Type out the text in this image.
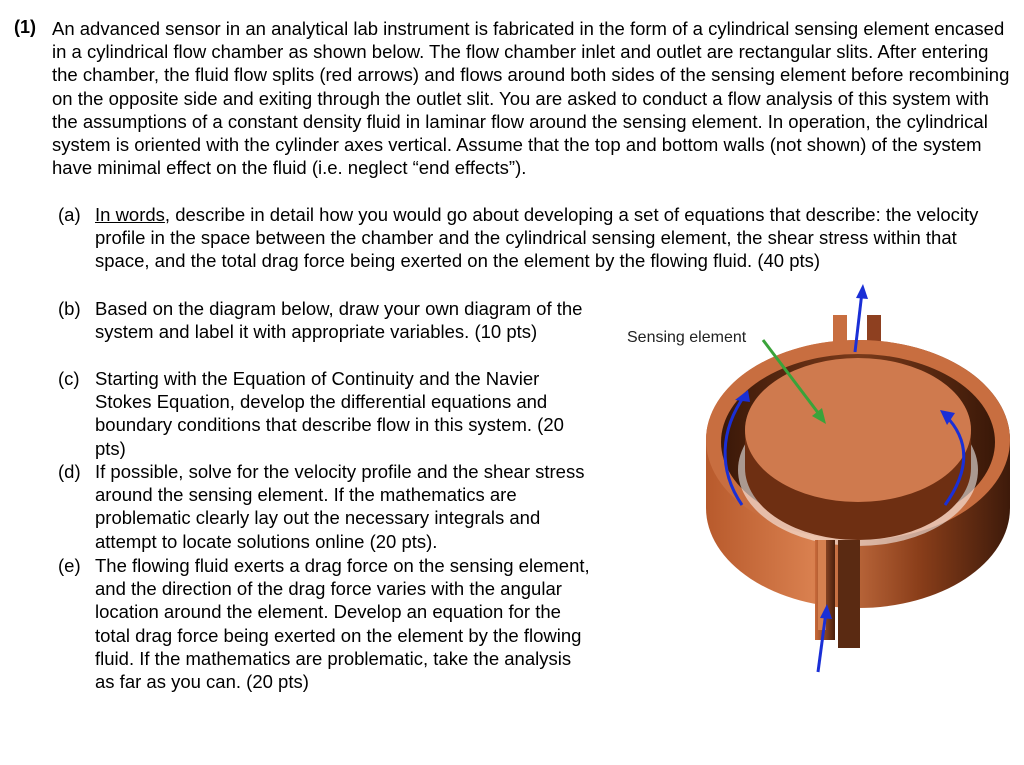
(1) An advanced sensor in an analytical lab instrument is fabricated in the form of a cylindrical sensing element encased in a cylindrical flow chamber as shown below. The flow chamber inlet and outlet are rectangular slits. After entering the chamber, the fluid flow splits (red arrows) and flows around both sides of the sensing element before recombining on the opposite side and exiting through the outlet slit. You are asked to conduct a flow analysis of this system with the assumptions of a constant density fluid in laminar flow around the sensing element. In operation, the cylindrical system is oriented with the cylinder axes vertical. Assume that the top and bottom walls (not shown) of the system have minimal effect on the fluid (i.e. neglect “end effects”).
(a) In words, describe in detail how you would go about developing a set of equations that describe: the velocity profile in the space between the chamber and the cylindrical sensing element, the shear stress within that space, and the total drag force being exerted on the element by the flowing fluid. (40 pts)
(b) Based on the diagram below, draw your own diagram of the system and label it with appropriate variables. (10 pts)
(c) Starting with the Equation of Continuity and the Navier Stokes Equation, develop the differential equations and boundary conditions that describe flow in this system. (20 pts)
(d) If possible, solve for the velocity profile and the shear stress around the sensing element. If the mathematics are problematic clearly lay out the necessary integrals and attempt to locate solutions online (20 pts).
(e) The flowing fluid exerts a drag force on the sensing element, and the direction of the drag force varies with the angular location around the element. Develop an equation for the total drag force being exerted on the element by the flowing fluid. If the mathematics are problematic, take the analysis as far as you can. (20 pts)
Sensing element
